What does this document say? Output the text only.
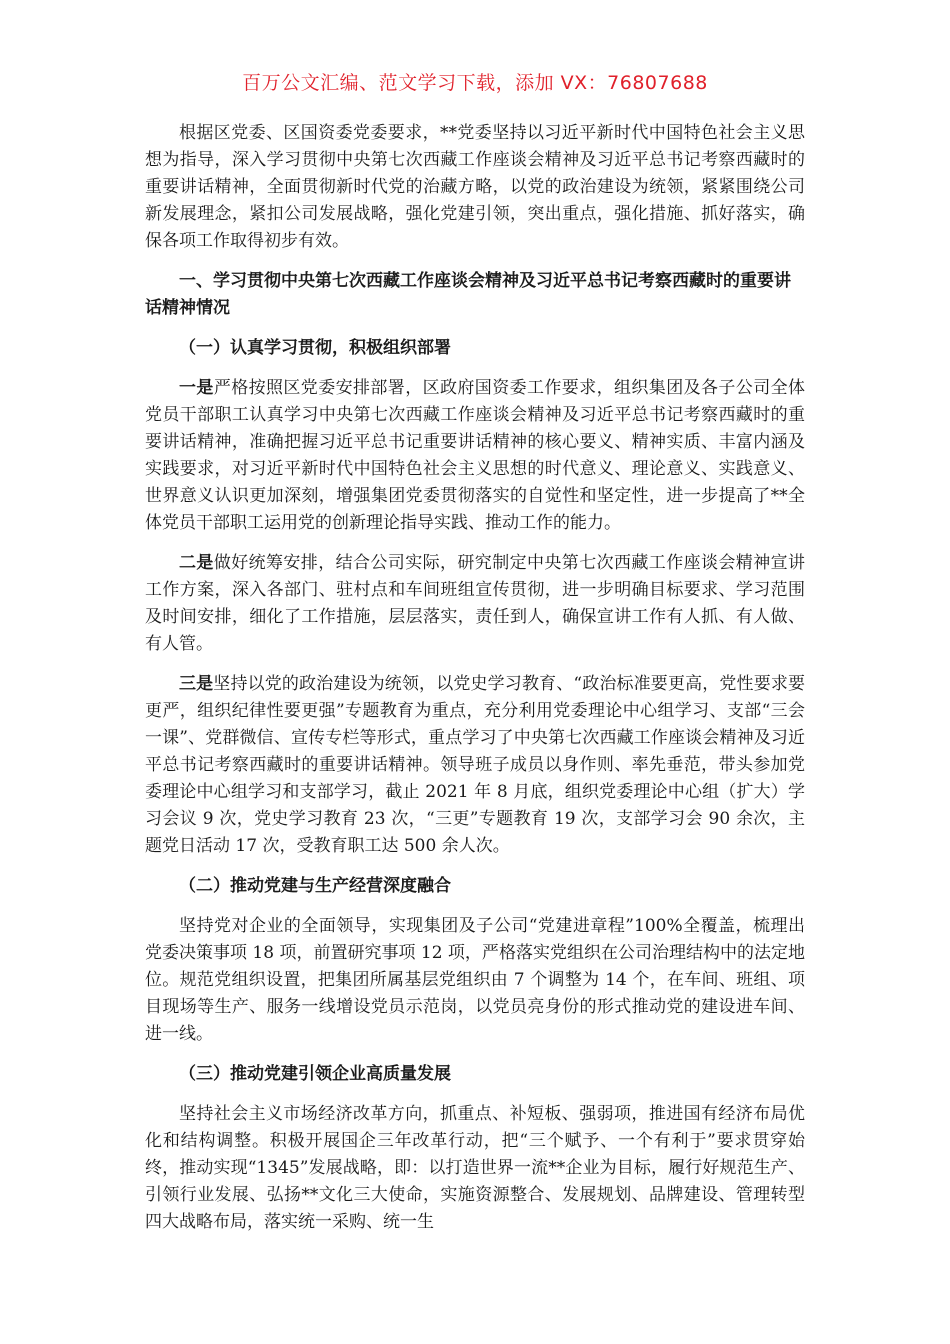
百万公文汇编、范文学习下载，添加 VX：76807688

根据区党委、区国资委党委要求，**党委坚持以习近平新时代中国特色社会主义思想为指导，深入学习贯彻中央第七次西藏工作座谈会精神及习近平总书记考察西藏时的重要讲话精神，全面贯彻新时代党的治藏方略，以党的政治建设为统领，紧紧围绕公司新发展理念，紧扣公司发展战略，强化党建引领，突出重点，强化措施、抓好落实，确保各项工作取得初步有效。

一、学习贯彻中央第七次西藏工作座谈会精神及习近平总书记考察西藏时的重要讲话精神情况

（一）认真学习贯彻，积极组织部署

一是严格按照区党委安排部署，区政府国资委工作要求，组织集团及各子公司全体党员干部职工认真学习中央第七次西藏工作座谈会精神及习近平总书记考察西藏时的重要讲话精神，准确把握习近平总书记重要讲话精神的核心要义、精神实质、丰富内涵及实践要求，对习近平新时代中国特色社会主义思想的时代意义、理论意义、实践意义、世界意义认识更加深刻，增强集团党委贯彻落实的自觉性和坚定性，进一步提高了**全体党员干部职工运用党的创新理论指导实践、推动工作的能力。

二是做好统筹安排，结合公司实际，研究制定中央第七次西藏工作座谈会精神宣讲工作方案，深入各部门、驻村点和车间班组宣传贯彻，进一步明确目标要求、学习范围及时间安排，细化了工作措施，层层落实，责任到人，确保宣讲工作有人抓、有人做、有人管。

三是坚持以党的政治建设为统领，以党史学习教育、“政治标准要更高，党性要求要更严，组织纪律性要更强”专题教育为重点，充分利用党委理论中心组学习、支部“三会一课”、党群微信、宣传专栏等形式，重点学习了中央第七次西藏工作座谈会精神及习近平总书记考察西藏时的重要讲话精神。领导班子成员以身作则、率先垂范，带头参加党委理论中心组学习和支部学习，截止 2021 年 8 月底，组织党委理论中心组（扩大）学习会议 9 次，党史学习教育 23 次，“三更”专题教育 19 次，支部学习会 90 余次，主题党日活动 17 次，受教育职工达 500 余人次。

（二）推动党建与生产经营深度融合

坚持党对企业的全面领导，实现集团及子公司“党建进章程”100%全覆盖，梳理出党委决策事项 18 项，前置研究事项 12 项，严格落实党组织在公司治理结构中的法定地位。规范党组织设置，把集团所属基层党组织由 7 个调整为 14 个，在车间、班组、项目现场等生产、服务一线增设党员示范岗，以党员亮身份的形式推动党的建设进车间、进一线。

（三）推动党建引领企业高质量发展

坚持社会主义市场经济改革方向，抓重点、补短板、强弱项，推进国有经济布局优化和结构调整。积极开展国企三年改革行动，把“三个赋予、一个有利于”要求贯穿始终，推动实现“1345”发展战略，即：以打造世界一流**企业为目标，履行好规范生产、引领行业发展、弘扬**文化三大使命，实施资源整合、发展规划、品牌建设、管理转型四大战略布局，落实统一采购、统一生
